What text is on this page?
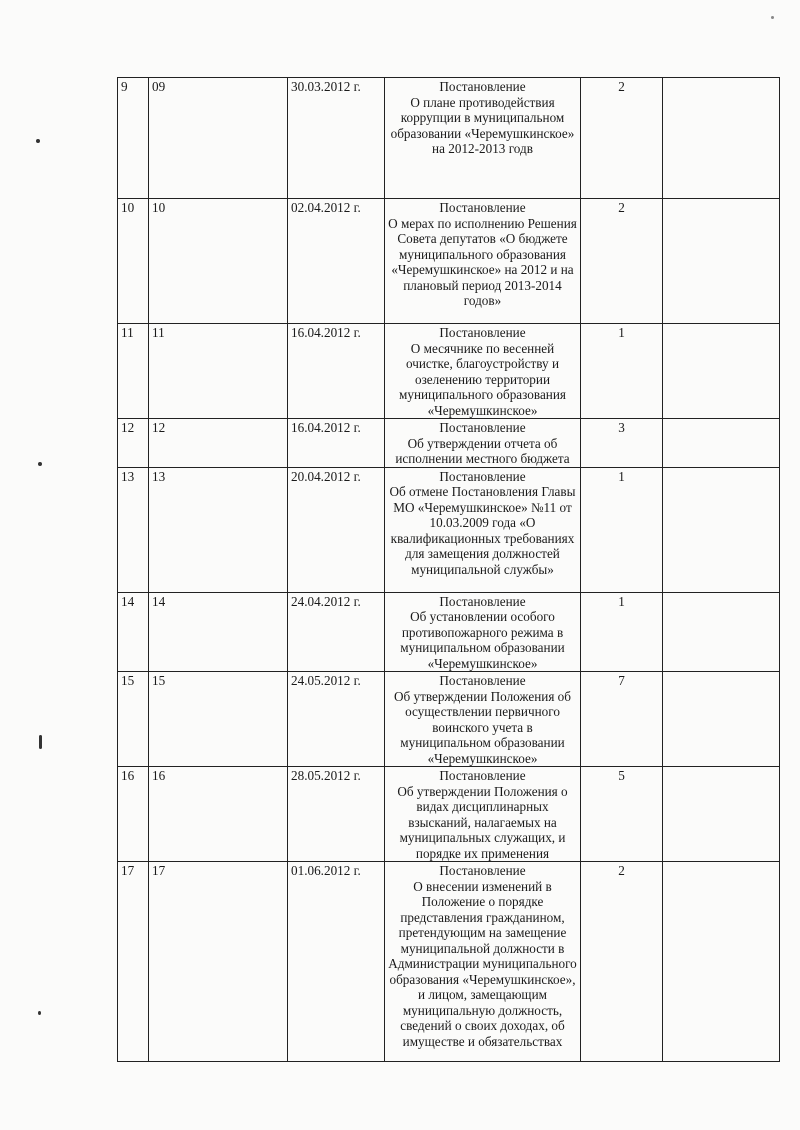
9	09	30.03.2012 г.	Постановление
О плане противодействия коррупции в муниципальном образовании «Черемушкинское» на 2012-2013 годв	2	
10	10	02.04.2012 г.	Постановление
О мерах по исполнению Решения Совета депутатов «О бюджете муниципального образования «Черемушкинское» на 2012 и на плановый период 2013-2014 годов»	2	
11	11	16.04.2012 г.	Постановление
О месячнике по весенней очистке, благоустройству и озеленению территории муниципального образования «Черемушкинское»	1	
12	12	16.04.2012 г.	Постановление
Об утверждении отчета об исполнении местного бюджета	3	
13	13	20.04.2012 г.	Постановление
Об отмене Постановления Главы МО «Черемушкинское» №11 от 10.03.2009 года «О квалификационных требованиях для замещения должностей муниципальной службы»	1	
14	14	24.04.2012 г.	Постановление
Об установлении особого противопожарного режима в муниципальном образовании «Черемушкинское»	1	
15	15	24.05.2012 г.	Постановление
Об утверждении Положения об осуществлении первичного воинского учета в муниципальном образовании «Черемушкинское»	7	
16	16	28.05.2012 г.	Постановление
Об утверждении Положения о видах дисциплинарных взысканий, налагаемых на муниципальных служащих, и порядке их применения	5	
17	17	01.06.2012 г.	Постановление
О внесении изменений в Положение о порядке представления гражданином, претендующим на замещение муниципальной должности в Администрации муниципального образования «Черемушкинское», и лицом, замещающим муниципальную должность, сведений о своих доходах, об имуществе и обязательствах	2	
